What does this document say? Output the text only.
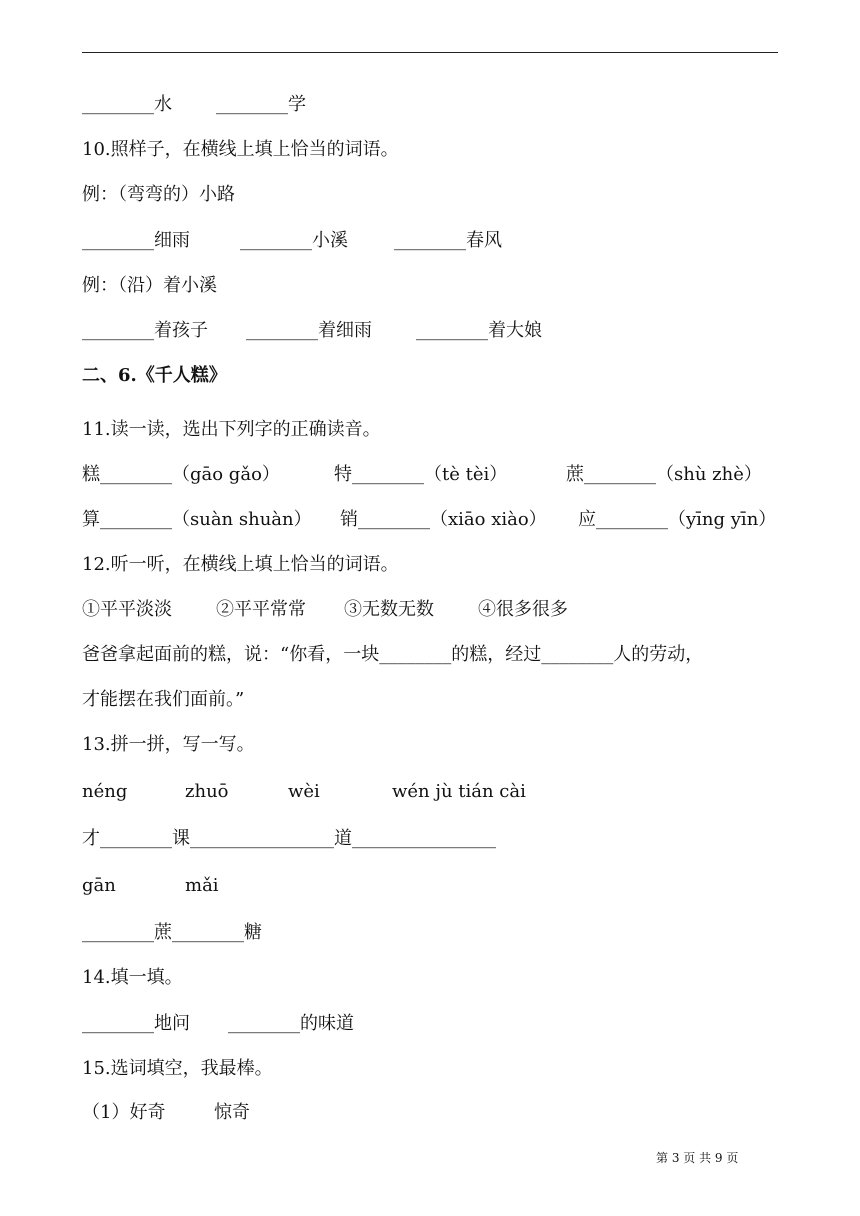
________水 ________学
10.照样子，在横线上填上恰当的词语。
例：（弯弯的）小路
________细雨	________小溪	________春风
例：（沿）着小溪
________着孩子 ________着细雨 ________着大娘
二、6.《千人糕》
11.读一读，选出下列字的正确读音。
糕________（gāo gǎo）	特________（tè tèi）	蔗________（shù zhè）
算________（suàn shuàn） 销________（xiāo xiào） 应________（yīng yīn）
12.听一听，在横线上填上恰当的词语。
①平平淡淡 ②平平常常 ③无数无数 ④很多很多
爸爸拿起面前的糕，说：“你看，一块________的糕，经过________人的劳动，
才能摆在我们面前。”
13.拼一拼，写一写。
néng	zhuō	wèi	wén jù tián cài
才________课________________道________________
gān	mǎi
________蔗________糖
14.填一填。
________地问 ________的味道
15.选词填空，我最棒。
（1）好奇	惊奇
第 3 页 共 9 页
